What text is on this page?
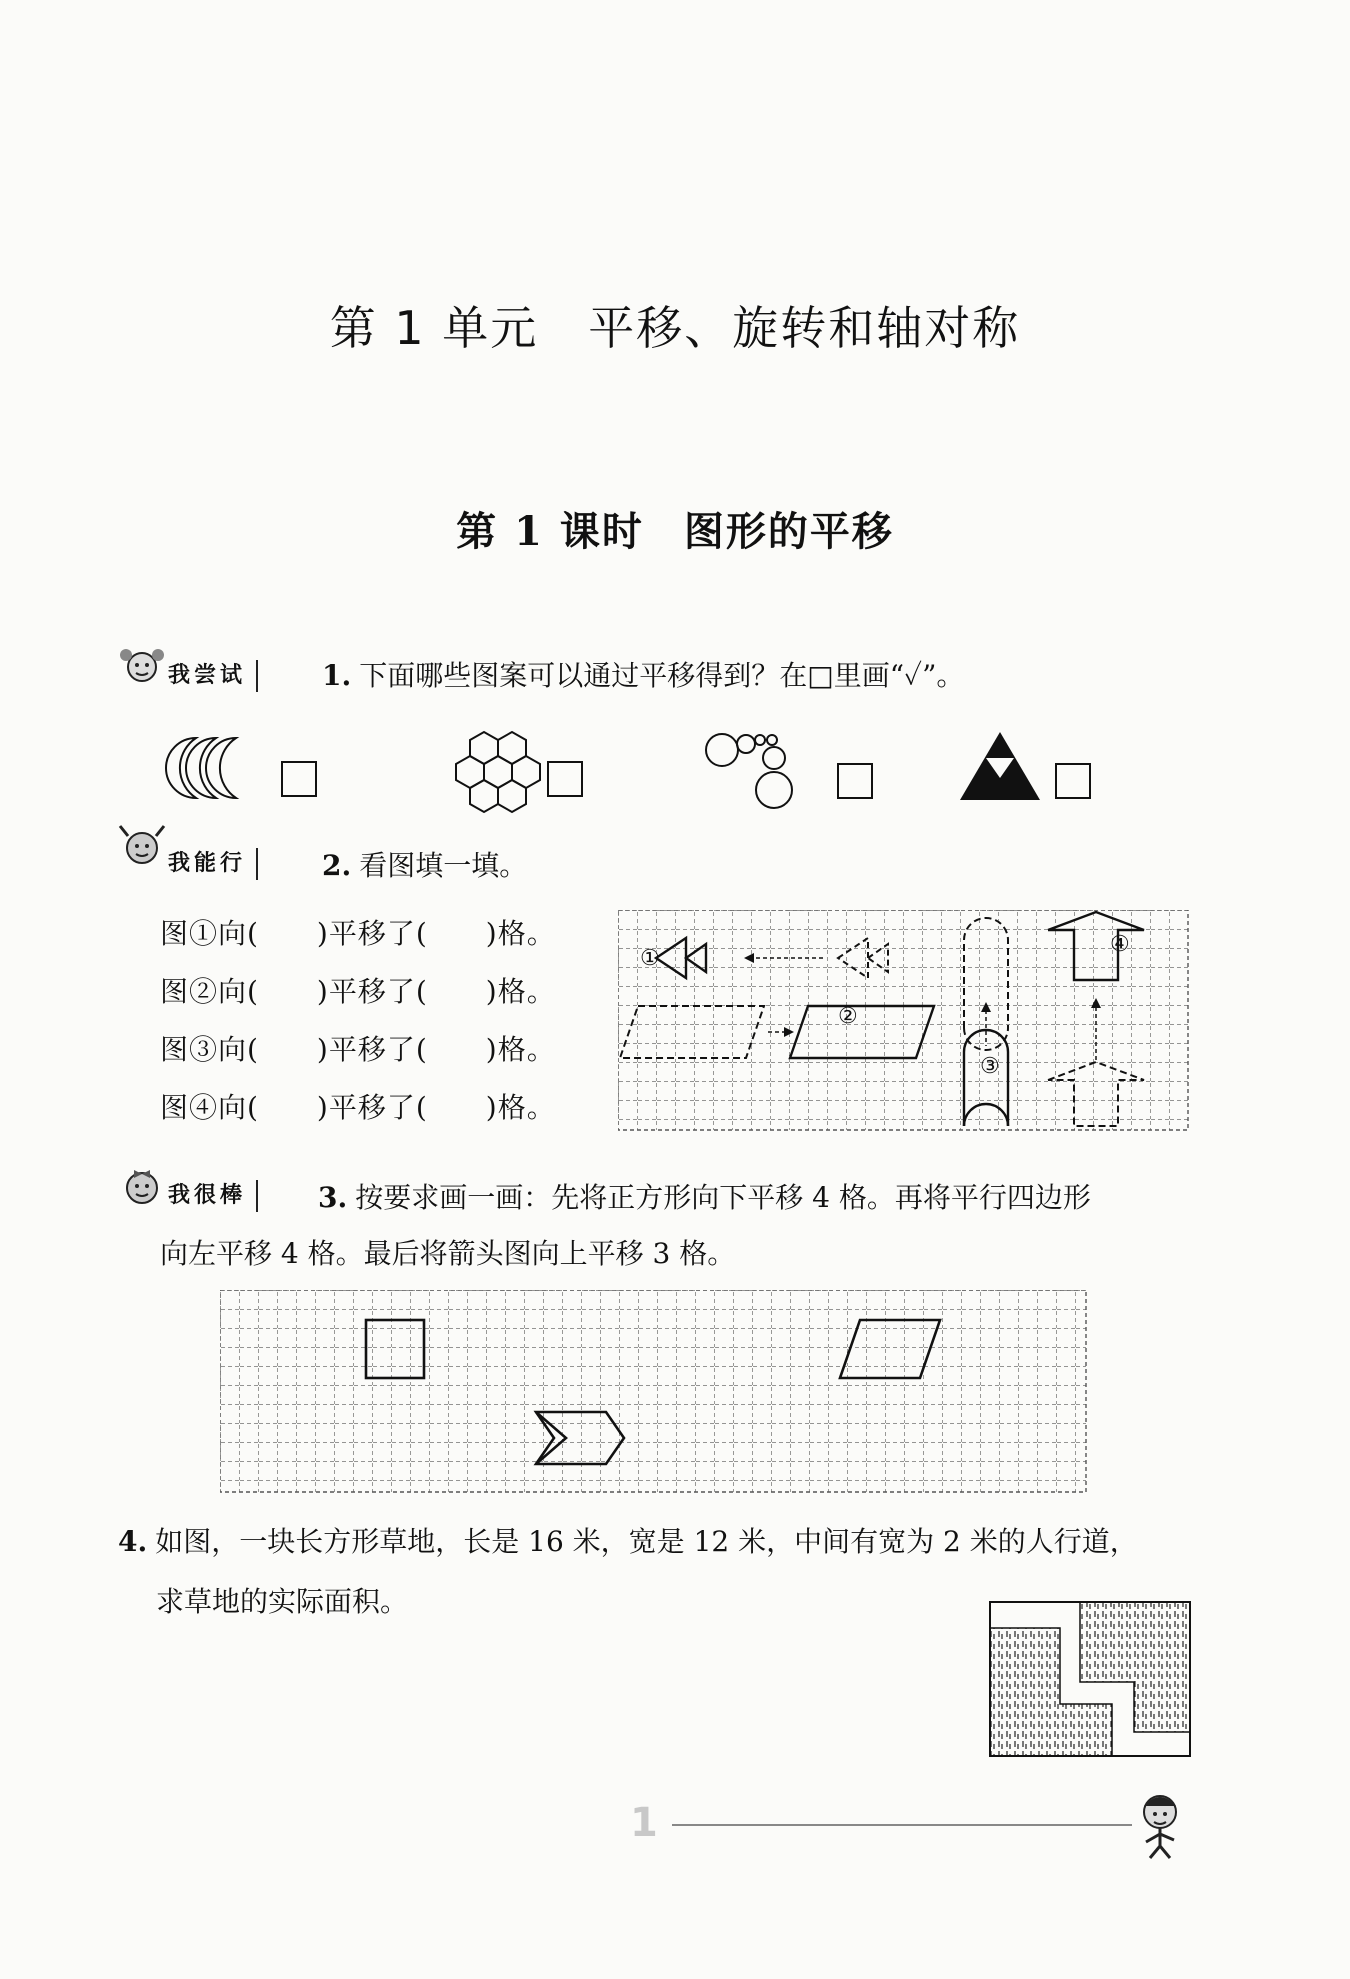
第 1 单元 平移、旋转和轴对称
第 1 课时 图形的平移
我尝试	1. 下面哪些图案可以通过平移得到？在□里画“✓”。
我能行	2. 看图填一填。
图①向(　　)平移了(　　)格。
图②向(　　)平移了(　　)格。
图③向(　　)平移了(　　)格。
图④向(　　)平移了(　　)格。
①
②
③
④
我很棒	3. 按要求画一画：先将正方形向下平移 4 格。再将平行四边形
向左平移 4 格。最后将箭头图向上平移 3 格。
4. 如图，一块长方形草地，长是 16 米，宽是 12 米，中间有宽为 2 米的人行道，
求草地的实际面积。
1
